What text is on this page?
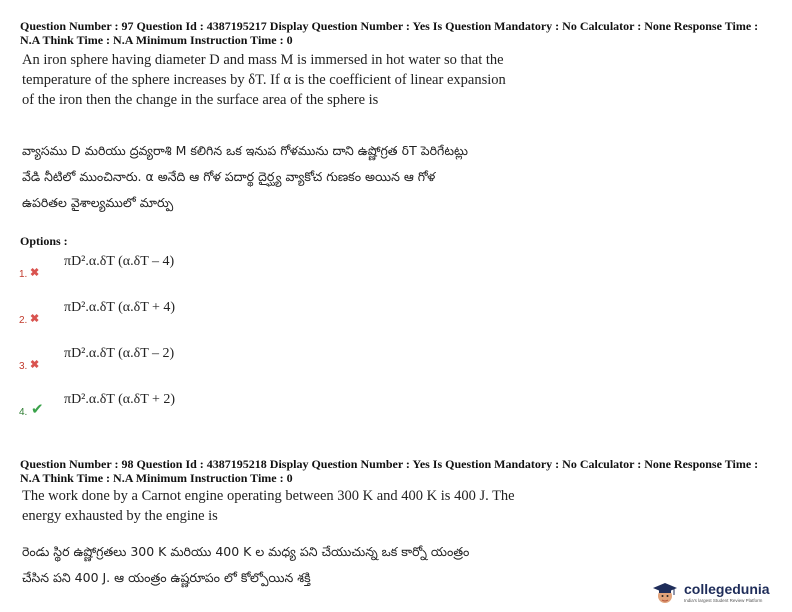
Question Number : 97 Question Id : 4387195217 Display Question Number : Yes Is Question Mandatory : No Calculator : None Response Time :
N.A Think Time : N.A Minimum Instruction Time : 0
An iron sphere having diameter D and mass M is immersed in hot water so that the
temperature of the sphere increases by δT. If α is the coefficient of linear expansion
of the iron then the change in the surface area of the sphere is
వ్యాసము D మరియు ద్రవ్యరాశి M కలిగిన ఒక ఇనుప గోళమును దాని ఉష్ణోగ్రత δT పెరిగేటట్లు
వేడి నీటిలో ముంచినారు. α అనేది ఆ గోళ పదార్థ దైర్ఘ్య వ్యాకోచ గుణకం అయిన ఆ గోళ
ఉపరితల వైశాల్యములో మార్పు
Options :
1. ✖
πD².α.δT (α.δT – 4)
2. ✖
πD².α.δT (α.δT + 4)
3. ✖
πD².α.δT (α.δT – 2)
4. ✔
πD².α.δT (α.δT + 2)
Question Number : 98 Question Id : 4387195218 Display Question Number : Yes Is Question Mandatory : No Calculator : None Response Time :
N.A Think Time : N.A Minimum Instruction Time : 0
The work done by a Carnot engine operating between 300 K and 400 K is 400 J. The
energy exhausted by the engine is
రెండు స్థిర ఉష్ణోగ్రతలు 300 K మరియు 400 K ల మధ్య పని చేయుచున్న ఒక కార్నో యంత్రం
చేసిన పని 400 J. ఆ యంత్రం ఉష్ణరూపం లో కోల్పోయిన శక్తి
collegedunia
India's largest Student Review Platform
